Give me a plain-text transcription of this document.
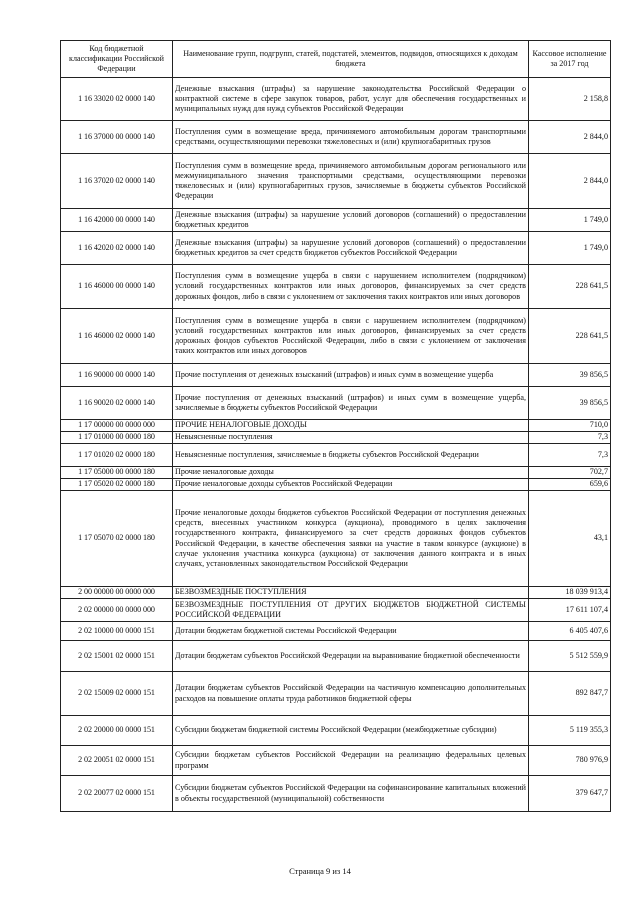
Код бюджетной классификации Российской Федерации	Наименование групп, подгрупп, статей, подстатей, элементов, подвидов, относящихся к доходам бюджета	Кассовое исполнение за 2017 год
1 16 33020 02 0000 140	Денежные взыскания (штрафы) за нарушение законодательства Российской Федерации о контрактной системе в сфере закупок товаров, работ, услуг для обеспечения государственных и муниципальных нужд для нужд субъектов Российской Федерации	2 158,8
1 16 37000 00 0000 140	Поступления сумм в возмещение вреда, причиняемого автомобильным дорогам транспортными средствами, осуществляющими перевозки тяжеловесных и (или) крупногабаритных грузов	2 844,0
1 16 37020 02 0000 140	Поступления сумм в возмещение вреда, причиняемого автомобильным дорогам регионального или межмуниципального значения транспортными средствами, осуществляющими перевозки тяжеловесных и (или) крупногабаритных грузов, зачисляемые в бюджеты субъектов Российской Федерации	2 844,0
1 16 42000 00 0000 140	Денежные взыскания (штрафы) за нарушение условий договоров (соглашений) о предоставлении бюджетных кредитов	1 749,0
1 16 42020 02 0000 140	Денежные взыскания (штрафы) за нарушение условий договоров (соглашений) о предоставлении бюджетных кредитов за счет средств бюджетов субъектов Российской Федерации	1 749,0
1 16 46000 00 0000 140	Поступления сумм в возмещение ущерба в связи с нарушением исполнителем (подрядчиком) условий государственных контрактов или иных договоров, финансируемых за счет средств дорожных фондов, либо в связи с уклонением от заключения таких контрактов или иных договоров	228 641,5
1 16 46000 02 0000 140	Поступления сумм в возмещение ущерба в связи с нарушением исполнителем (подрядчиком) условий государственных контрактов или иных договоров, финансируемых за счет средств дорожных фондов субъектов Российской Федерации, либо в связи с уклонением от заключения таких контрактов или иных договоров	228 641,5
1 16 90000 00 0000 140	Прочие поступления от денежных взысканий (штрафов) и иных сумм в возмещение ущерба	39 856,5
1 16 90020 02 0000 140	Прочие поступления от денежных взысканий (штрафов) и иных сумм в возмещение ущерба, зачисляемые в бюджеты субъектов Российской Федерации	39 856,5
1 17 00000 00 0000 000	ПРОЧИЕ НЕНАЛОГОВЫЕ ДОХОДЫ	710,0
1 17 01000 00 0000 180	Невыясненные поступления	7,3
1 17 01020 02 0000 180	Невыясненные поступления, зачисляемые в бюджеты субъектов Российской Федерации	7,3
1 17 05000 00 0000 180	Прочие неналоговые доходы	702,7
1 17 05020 02 0000 180	Прочие неналоговые доходы субъектов Российской Федерации	659,6
1 17 05070 02 0000 180	Прочие неналоговые доходы бюджетов субъектов Российской Федерации от поступления денежных средств, внесенных участником конкурса (аукциона), проводимого в целях заключения государственного контракта, финансируемого за счет средств дорожных фондов субъектов Российской Федерации, в качестве обеспечения заявки на участие в таком конкурсе (аукционе) в случае уклонения участника конкурса (аукциона) от заключения данного контракта и в иных случаях, установленных законодательством Российской Федерации	43,1
2 00 00000 00 0000 000	БЕЗВОЗМЕЗДНЫЕ ПОСТУПЛЕНИЯ	18 039 913,4
2 02 00000 00 0000 000	БЕЗВОЗМЕЗДНЫЕ ПОСТУПЛЕНИЯ ОТ ДРУГИХ БЮДЖЕТОВ БЮДЖЕТНОЙ СИСТЕМЫ РОССИЙСКОЙ ФЕДЕРАЦИИ	17 611 107,4
2 02 10000 00 0000 151	Дотации бюджетам бюджетной системы Российской Федерации	6 405 407,6
2 02 15001 02 0000 151	Дотации бюджетам субъектов Российской Федерации на выравнивание бюджетной обеспеченности	5 512 559,9
2 02 15009 02 0000 151	Дотации бюджетам субъектов Российской Федерации на частичную компенсацию дополнительных расходов на повышение оплаты труда работников бюджетной сферы	892 847,7
2 02 20000 00 0000 151	Субсидии бюджетам бюджетной системы Российской Федерации (межбюджетные субсидии)	5 119 355,3
2 02 20051 02 0000 151	Субсидии бюджетам субъектов Российской Федерации на реализацию федеральных целевых программ	780 976,9
2 02 20077 02 0000 151	Субсидии бюджетам субъектов Российской Федерации на софинансирование капитальных вложений в объекты государственной (муниципальной) собственности	379 647,7
Страница 9 из 14
